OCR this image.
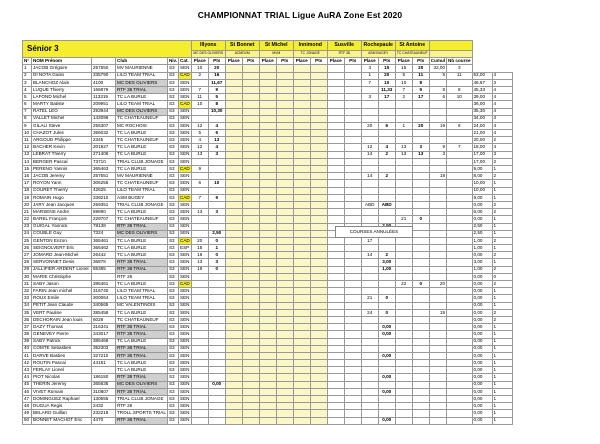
CHAMPIONNAT TRIAL Ligue AuRA Zone Est 2020
Sénior 3						Illyons		St Bonnet		St Michel		Innimond		Susville		Rochepaule		St Antoine					
						MC DES OLIVIERS		ACMDVM		MVM		TC JONAGE		RTF 38		ASM BUGEY		TC CHATEAUNEUF					
N°	NOM Prénom		Club	Niv.	Cat.	Place	Pts	Place	Pts	Place	Pts	Place	Pts	Place	Pts	Place	Pts	Place	Pts	Cumul	Nb course		
1	JACOB Grégoire	257550	MV MAURIENNE	S3	SEN	10	20									3	15	15	20	32,00	3		
2	DI NOTA Giulio	335790	LILO TEAM TRIAL	S3	CAD	2	16									1	20	5	11	5	11	53,00	4
3	BLANCHOZ Alain	4100	MC DES OLIVIERS	S3	SEN		11,67									7	10	10	8			46,67	3
4	LUQUE Thierry	166876	RTF 38 TRIAL	S3	SEN	7	9										11,33	7	9	8	8	45,33	4
5	LAFOND Michel	113319	TC LA BURLE	S3	SEN	11	5									3	17	2	17	6	10	39,00	4
6	MARTY Batiste	209951	LILO TEAM TRIAL	S3	CAD	10	8															36,00	4
7	RATEL LEO	293944	MC DES OLIVIERS	S3	SEN		10,30															35,30	4
8	VALLET Michel	142096	TC CHATEAUNEUF	S3	SEN																	34,00	3
9	GILALI Steve	255307	MC ROCHOIS	S3	SEN	12	4									20	6	1	20	19	6	24,00	4
10	CHAZOT Jules	356032	TC LA BURLE	S3	SEN	5	6															21,00	4
11	ARGOUD Philippe	2345	TC CHATEAUNEUF	S3	SEN	4	13															20,00	2
12	BACHER Kevin	201927	TC LA BURLE	S3	SEN	12	4									12	4	13	3	9	7	18,00	4
13	LEBRAT Thierry	271406	TC LA BURLE	S3	SEN	13	3									14	2	13	13	3		17,00	3
14	BERGER Pascal	73710	TRIAL CLUB JONAGE	S3	SEN																	17,00	2
15	PERENO Yannis	365463	TC LA BURLE	S3	CAD	9																9,00	1
16	JACOB Jeremy	257551	MV MAURIENNE	S3	SEN											14	2			18		8,00	2
17	ROYON Yann	306255	TC CHATEAUNEUF	S3	SEN	6	10															10,00	1
18	COURET Thierry	42625	LILO TEAM TRIAL	S3	SEN																	10,00	1
19	ROMAIN Hugo	339210	ASM BUGEY	S3	CAD	7	9															9,00	1
20	JARY Jean Jacques	259351	TRIAL CLUB JONAGE	S3	SEN											ABD	ABD					0,00	2
21	MARSENS Andre	69890	TC LA BURLE	S3	SEN	13	3															6,00	2
22	BAREL François	229707	TC CHATEAUNEUF	S3	SEN													21	0			0,00	1
23	GUIGAL Yannick	78138	RTF 38 TRIAL	S3	SEN																	2,50	1
24	COUBLE Guy	7324	MC DES OLIVIERS	S3	SEN		2,50															2,50	1
25	GENTON Enzon	365461	TC LA BURLE	S3	CAD	20	0									17						1,00	2
26	SEIGNOLVERT Eric	365462	TC LA BURLE	S3	ESP	15	1															1,00	1
27	JOMARD Jean-Michel	26442	TC LA BURLE	S3	SEN	16	0									14	2					0,00	2
28	SERVONNET Denis	36878	RTF 38 TRIAL	S3	SEN	13	3										3,00					3,00	1
29	JALLIFIER ARDENT Lionel	55385	RTF 38 TRIAL	S3	SEN	19	0										1,00					1,00	2
30	MARIE Christophe		RTF 26	S3	SEN																	0,00	0
31	SABY Jason	385461	TC LA BURLE	S3	CAD													22	0	20		0,00	2
32	FARIN Jean michel	316740	LILO TEAM TRIAL	S3	SEN																	0,00	1
33	ROUX Emile	300064	LILO TEAM TRIAL	S3	SEN											21	0					0,00	1
34	PETIT Jean Claude	340565	MC VALENTINOIS	S3	SEN																	0,00	1
35	VERT Pauline	385458	TC LA BURLE	S3	SEN											24	0			15		0,00	2
36	DECHORAIN Jean louis	6028	TC CHATEAUNEUF	S3	SEN																	0,00	2
37	DAZY Thomas	316341	RTF 38 TRIAL	S3	SEN												0,00					0,00	1
38	GENEVEY Pierre	343017	RTF 38 TRIAL	S3	SEN												0,00					0,00	1
39	SABY Patrick	385466	TC LA BURLE	S3	SEN																	0,00	1
40	COMTE Sebastien	352303	RTF 38 TRIAL	S3	SEN																	0,00	1
41	DARVE Bastien	327210	RTF 38 TRIAL	S3	SEN												0,00					0,00	1
42	ROUTIN Pascal	44181	TC LA BURLE	S3	SEN																	0,00	1
43	FERLAY Lionel		TC LA BURLE	S3	SEN																	0,00	1
44	PIOT Nicolas	186150	RTF 38 TRIAL	S3	SEN												0,00					0,00	1
45	THERIN Jeremy	365635	MC DES OLIVIERS	S3	SEN		0,00															0,00	1
46	VIVET Romain	310807	RTF 38 TRIAL	S3	SEN												0,00					0,00	1
47	DOMINGUEZ Raphael	130655	TRIAL CLUB JONAGE	S3	SEN																	0,00	1
48	DUGUA Regis	2432	RTF 26	S3	SEN																	0,00	1
49	BELARD Guillan	232219	TROLL SPORTS TRIAL	S3	SEN																	0,00	1
50	BONNET MACHOT Eric	4470	RTF 38 TRIAL	S3	SEN												0,00					0,00	1
COURSES ANNULÉES
